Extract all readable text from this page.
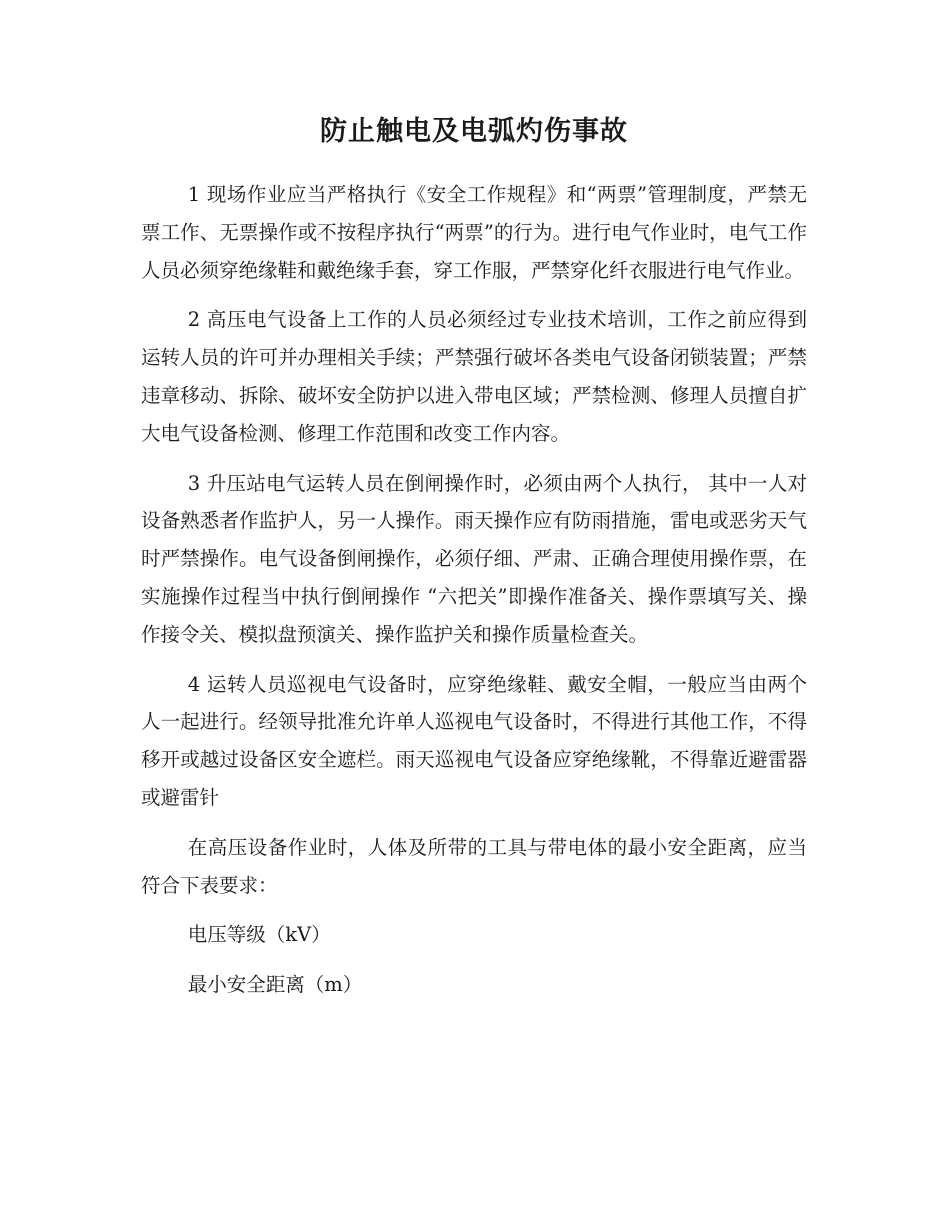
防止触电及电弧灼伤事故

1 现场作业应当严格执行《安全工作规程》和“两票”管理制度，严禁无票工作、无票操作或不按程序执行“两票”的行为。进行电气作业时，电气工作人员必须穿绝缘鞋和戴绝缘手套，穿工作服，严禁穿化纤衣服进行电气作业。

2 高压电气设备上工作的人员必须经过专业技术培训，工作之前应得到运转人员的许可并办理相关手续；严禁强行破坏各类电气设备闭锁装置；严禁违章移动、拆除、破坏安全防护以进入带电区域；严禁检测、修理人员擅自扩大电气设备检测、修理工作范围和改变工作内容。

3 升压站电气运转人员在倒闸操作时，必须由两个人执行， 其中一人对设备熟悉者作监护人，另一人操作。雨天操作应有防雨措施，雷电或恶劣天气时严禁操作。电气设备倒闸操作，必须仔细、严肃、正确合理使用操作票，在实施操作过程当中执行倒闸操作 “六把关”即操作准备关、操作票填写关、操作接令关、模拟盘预演关、操作监护关和操作质量检查关。

4 运转人员巡视电气设备时，应穿绝缘鞋、戴安全帽，一般应当由两个人一起进行。经领导批准允许单人巡视电气设备时，不得进行其他工作，不得移开或越过设备区安全遮栏。雨天巡视电气设备应穿绝缘靴，不得靠近避雷器或避雷针

在高压设备作业时，人体及所带的工具与带电体的最小安全距离，应当符合下表要求：

电压等级（kV）

最小安全距离（m）
